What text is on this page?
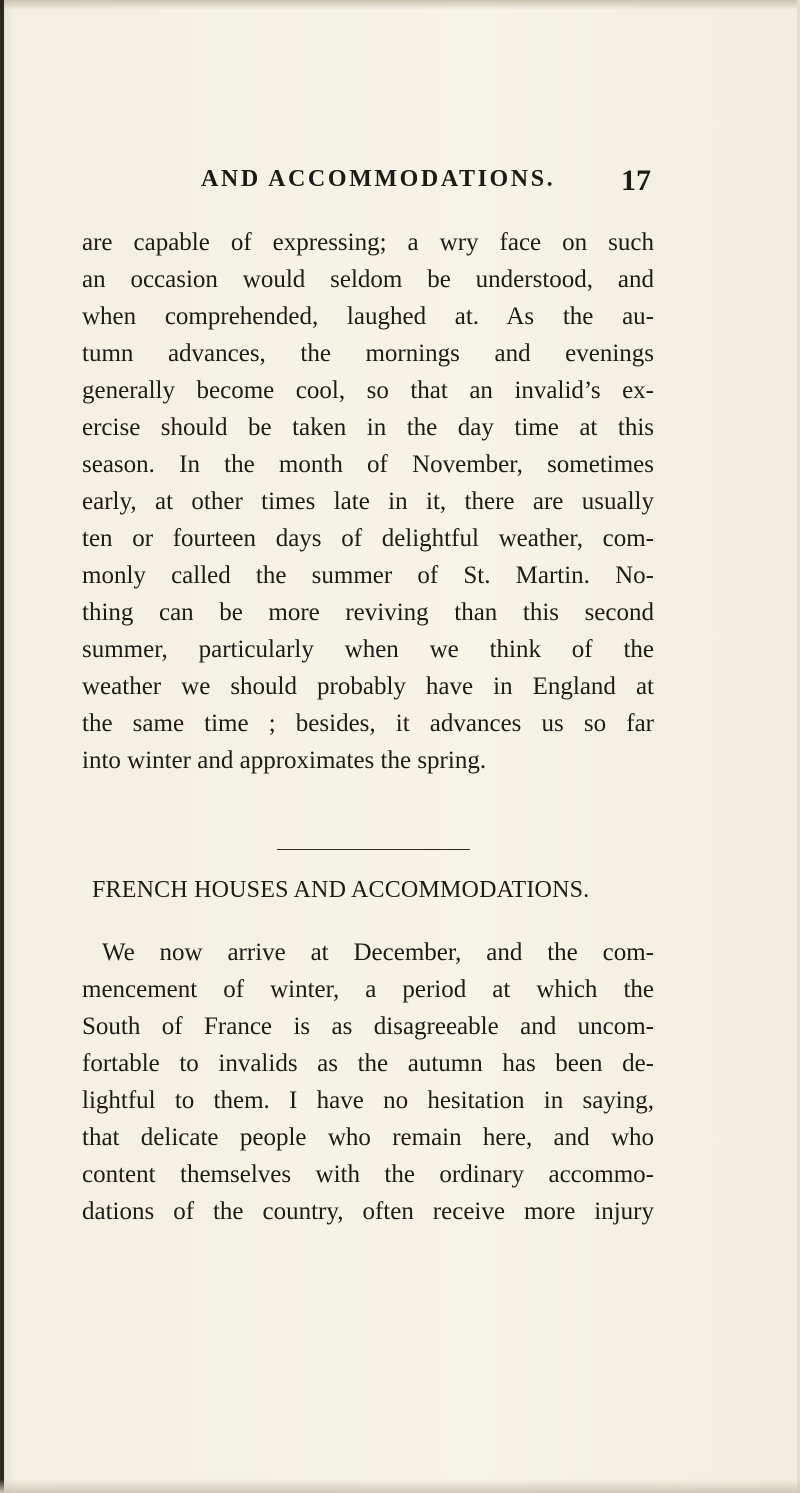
AND ACCOMMODATIONS. 17
are capable of expressing; a wry face on such
an occasion would seldom be understood, and
when comprehended, laughed at. As the au-
tumn advances, the mornings and evenings
generally become cool, so that an invalid’s ex-
ercise should be taken in the day time at this
season. In the month of November, sometimes
early, at other times late in it, there are usually
ten or fourteen days of delightful weather, com-
monly called the summer of St. Martin. No-
thing can be more reviving than this second
summer, particularly when we think of the
weather we should probably have in England at
the same time ; besides, it advances us so far
into winter and approximates the spring.
FRENCH HOUSES AND ACCOMMODATIONS.
We now arrive at December, and the com-
mencement of winter, a period at which the
South of France is as disagreeable and uncom-
fortable to invalids as the autumn has been de-
lightful to them. I have no hesitation in saying,
that delicate people who remain here, and who
content themselves with the ordinary accommo-
dations of the country, often receive more injury
